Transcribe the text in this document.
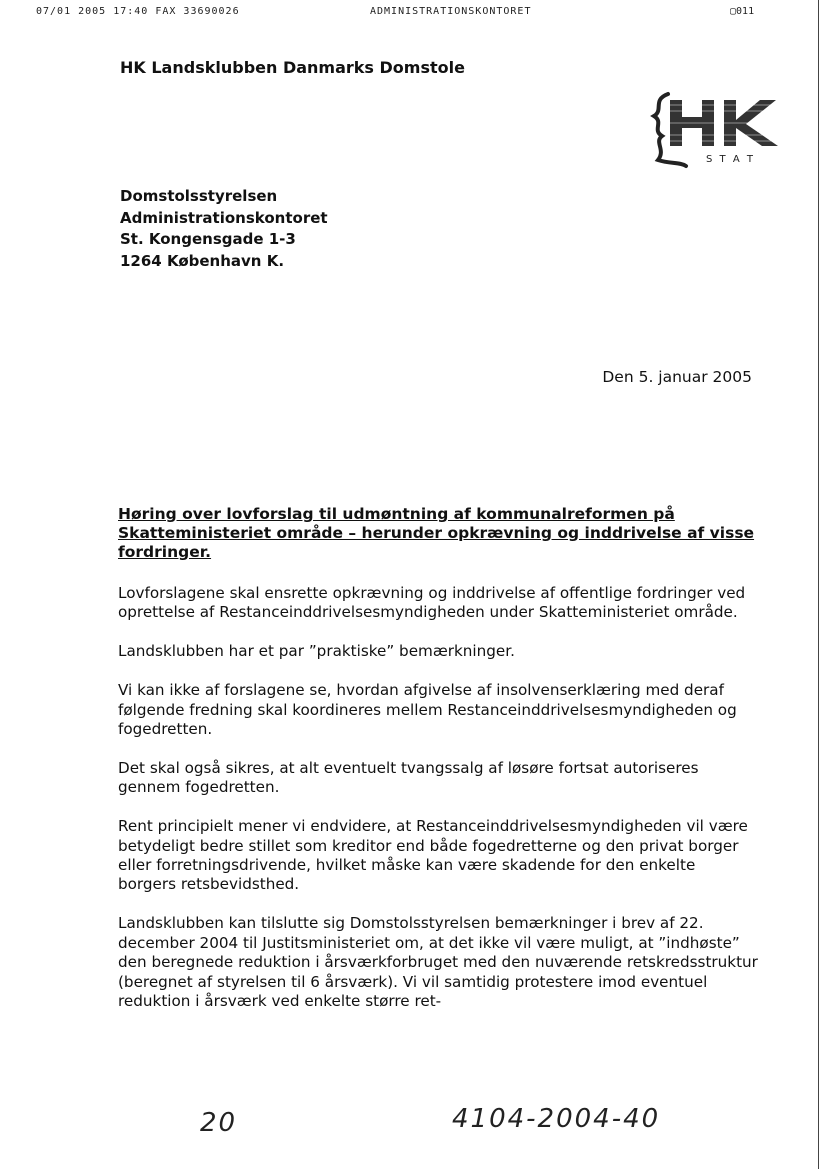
07/01 2005 17:40 FAX 33690026	ADMINISTRATIONSKONTORET	▢011
HK Landsklubben Danmarks Domstole
S T A T
Domstolsstyrelsen
Administrationskontoret
St. Kongensgade 1-3
1264 København K.
Den 5. januar 2005
Høring over lovforslag til udmøntning af kommunalreformen på Skatteministeriet område – herunder opkrævning og inddrivelse af visse fordringer.

Lovforslagene skal ensrette opkrævning og inddrivelse af offentlige fordringer ved oprettelse af Restanceinddrivelsesmyndigheden under Skatteministeriet område.

Landsklubben har et par ”praktiske” bemærkninger.

Vi kan ikke af forslagene se, hvordan afgivelse af insolvenserklæring med deraf følgende fredning skal koordineres mellem Restanceinddrivelsesmyndigheden og fogedretten.

Det skal også sikres, at alt eventuelt tvangssalg af løsøre fortsat autoriseres gennem fogedretten.

Rent principielt mener vi endvidere, at Restanceinddrivelsesmyndigheden vil være betydeligt bedre stillet som kreditor end både fogedretterne og den privat borger eller forretningsdrivende, hvilket måske kan være skadende for den enkelte borgers retsbevidsthed.

Landsklubben kan tilslutte sig Domstolsstyrelsen bemærkninger i brev af 22. december 2004 til Justitsministeriet om, at det ikke vil være muligt, at ”indhøste” den beregnede reduktion i årsværkforbruget med den nuværende retskredsstruktur (beregnet af styrelsen til 6 årsværk). Vi vil samtidig protestere imod eventuel reduktion i årsværk ved enkelte større ret-

20	4104-2004-40
